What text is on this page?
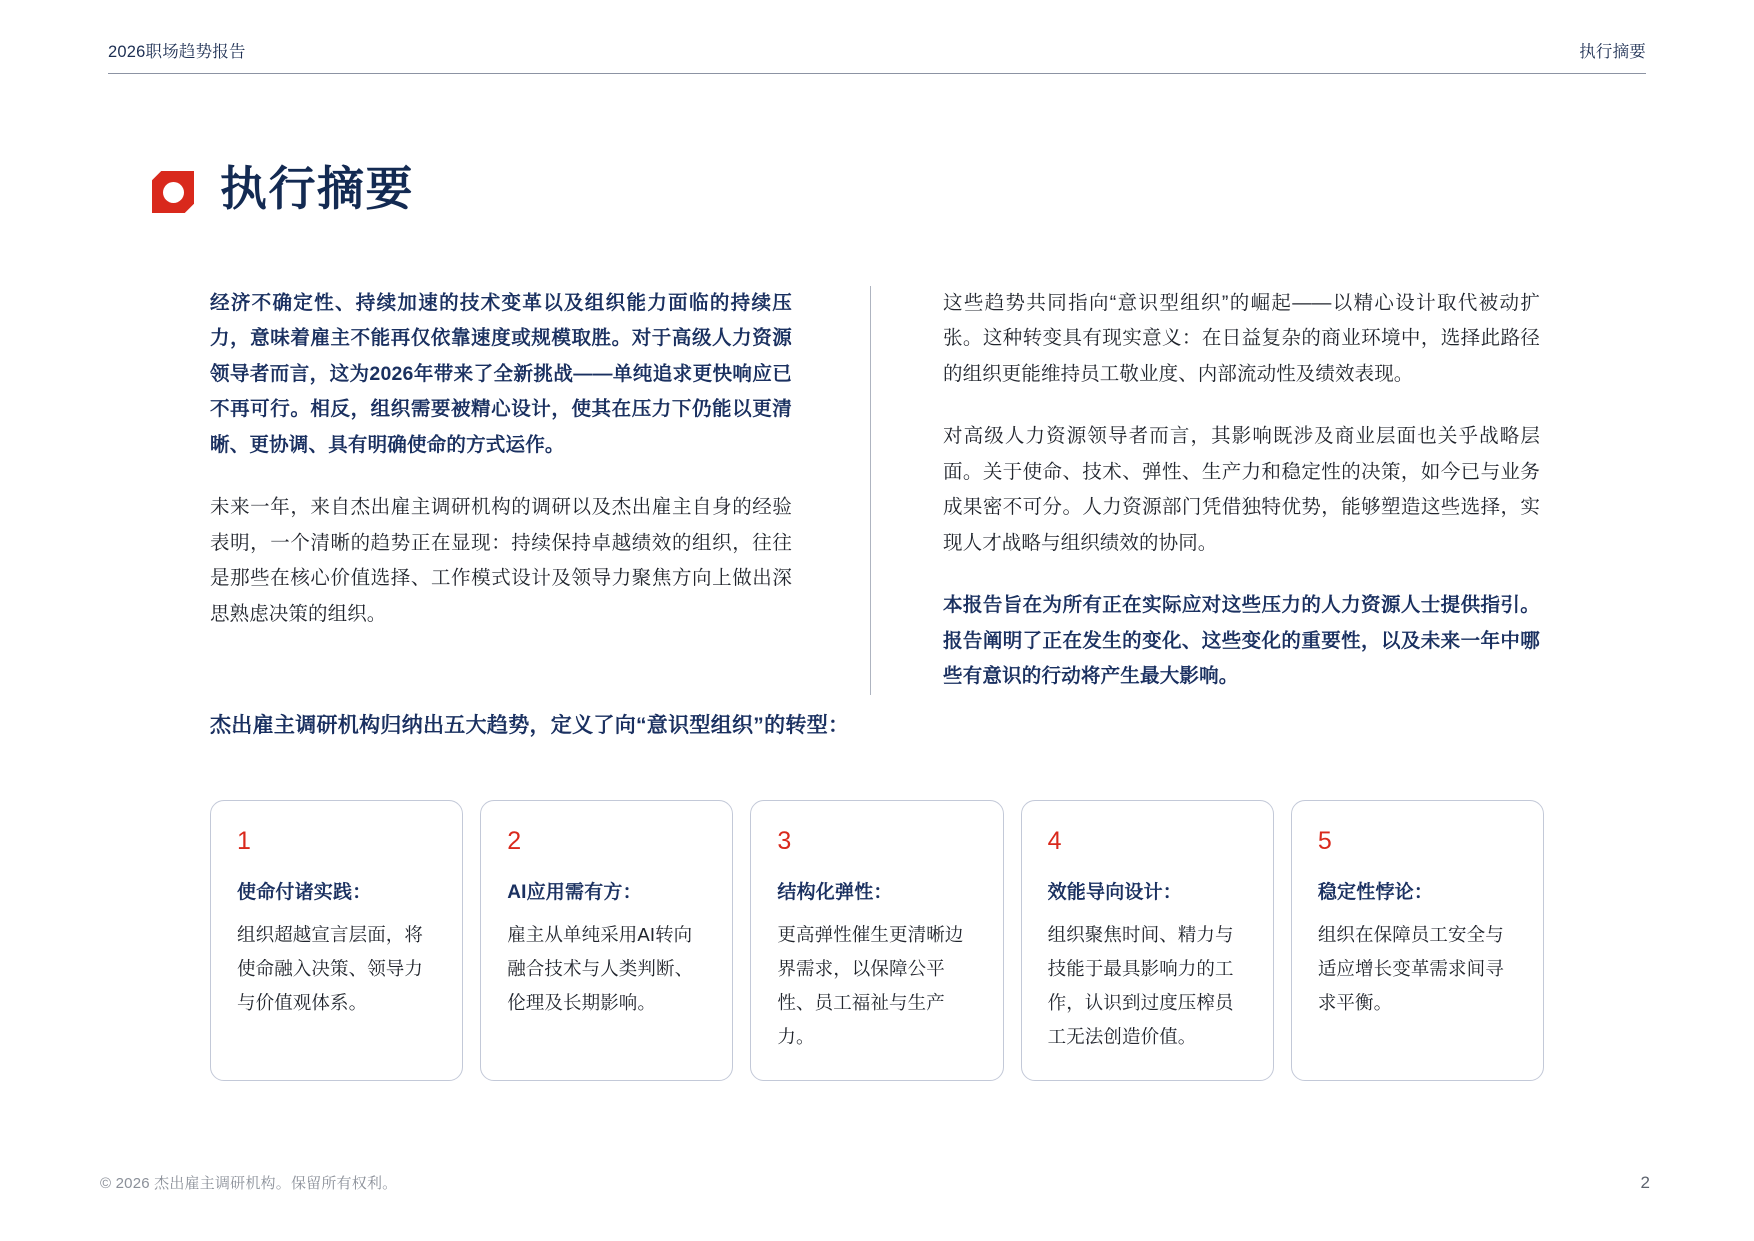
2026职场趋势报告	执行摘要
执行摘要

经济不确定性、持续加速的技术变革以及组织能力面临的持续压力，意味着雇主不能再仅依靠速度或规模取胜。对于高级人力资源领导者而言，这为2026年带来了全新挑战——单纯追求更快响应已不再可行。相反，组织需要被精心设计，使其在压力下仍能以更清晰、更协调、具有明确使命的方式运作。

未来一年，来自杰出雇主调研机构的调研以及杰出雇主自身的经验表明，一个清晰的趋势正在显现：持续保持卓越绩效的组织，往往是那些在核心价值选择、工作模式设计及领导力聚焦方向上做出深思熟虑决策的组织。

这些趋势共同指向“意识型组织”的崛起——以精心设计取代被动扩张。这种转变具有现实意义：在日益复杂的商业环境中，选择此路径的组织更能维持员工敬业度、内部流动性及绩效表现。

对高级人力资源领导者而言，其影响既涉及商业层面也关乎战略层面。关于使命、技术、弹性、生产力和稳定性的决策，如今已与业务成果密不可分。人力资源部门凭借独特优势，能够塑造这些选择，实现人才战略与组织绩效的协同。

本报告旨在为所有正在实际应对这些压力的人力资源人士提供指引。报告阐明了正在发生的变化、这些变化的重要性，以及未来一年中哪些有意识的行动将产生最大影响。

杰出雇主调研机构归纳出五大趋势，定义了向“意识型组织”的转型：
1
使命付诸实践：
组织超越宣言层面，将使命融入决策、领导力与价值观体系。
2
AI应用需有方：
雇主从单纯采用AI转向融合技术与人类判断、伦理及长期影响。
3
结构化弹性：
更高弹性催生更清晰边界需求，以保障公平性、员工福祉与生产力。
4
效能导向设计：
组织聚焦时间、精力与技能于最具影响力的工作，认识到过度压榨员工无法创造价值。
5
稳定性悖论：
组织在保障员工安全与适应增长变革需求间寻求平衡。
© 2026 杰出雇主调研机构。保留所有权利。	2
